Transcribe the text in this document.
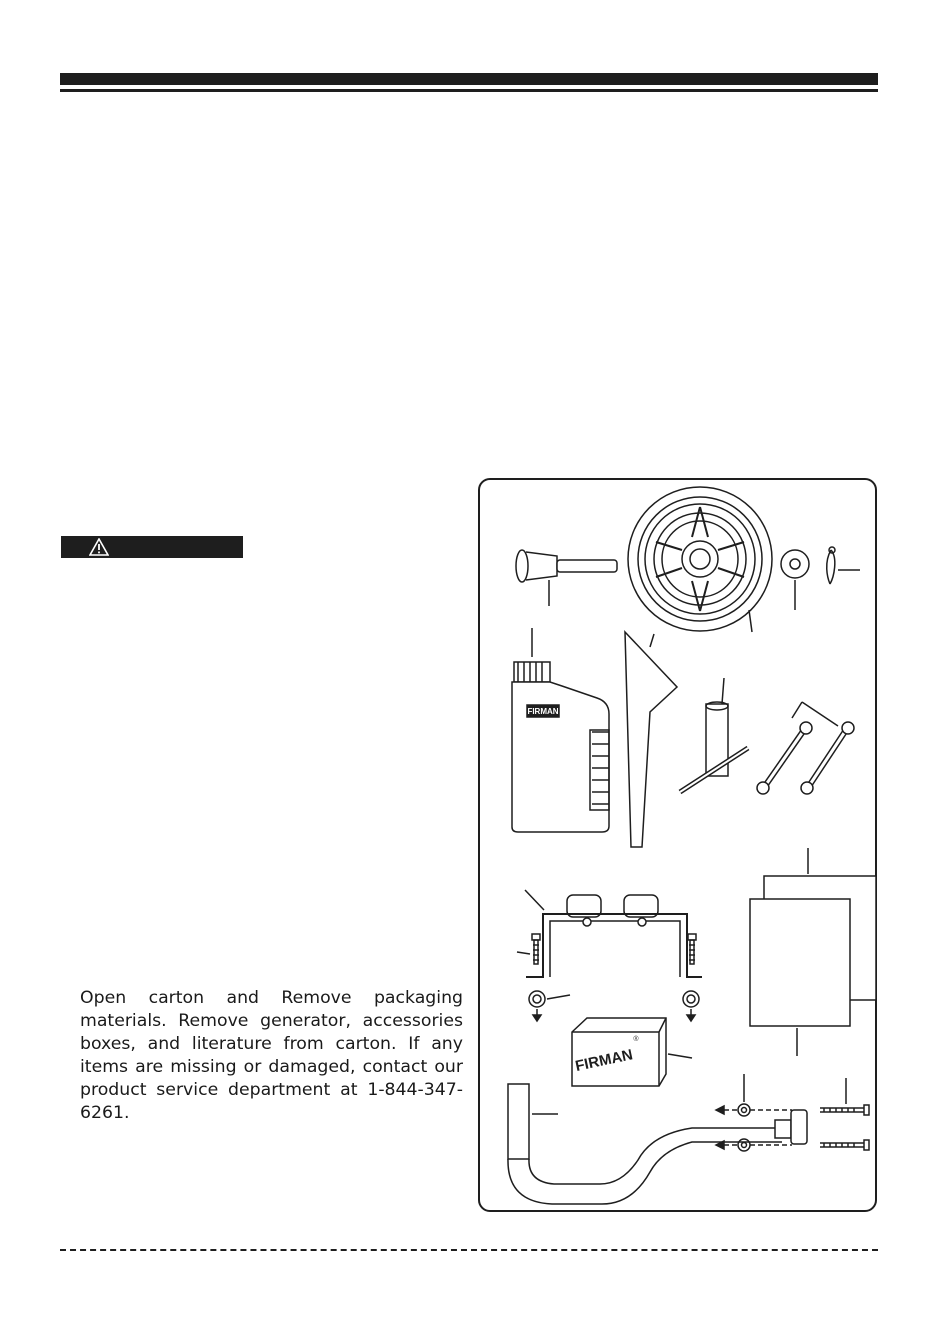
Open carton and Remove packaging materials. Remove generator, accessories boxes, and literature from carton. If any items are missing or damaged, contact our product service department at 1-844-347-6261.
FIRMAN
FIRMAN
®
